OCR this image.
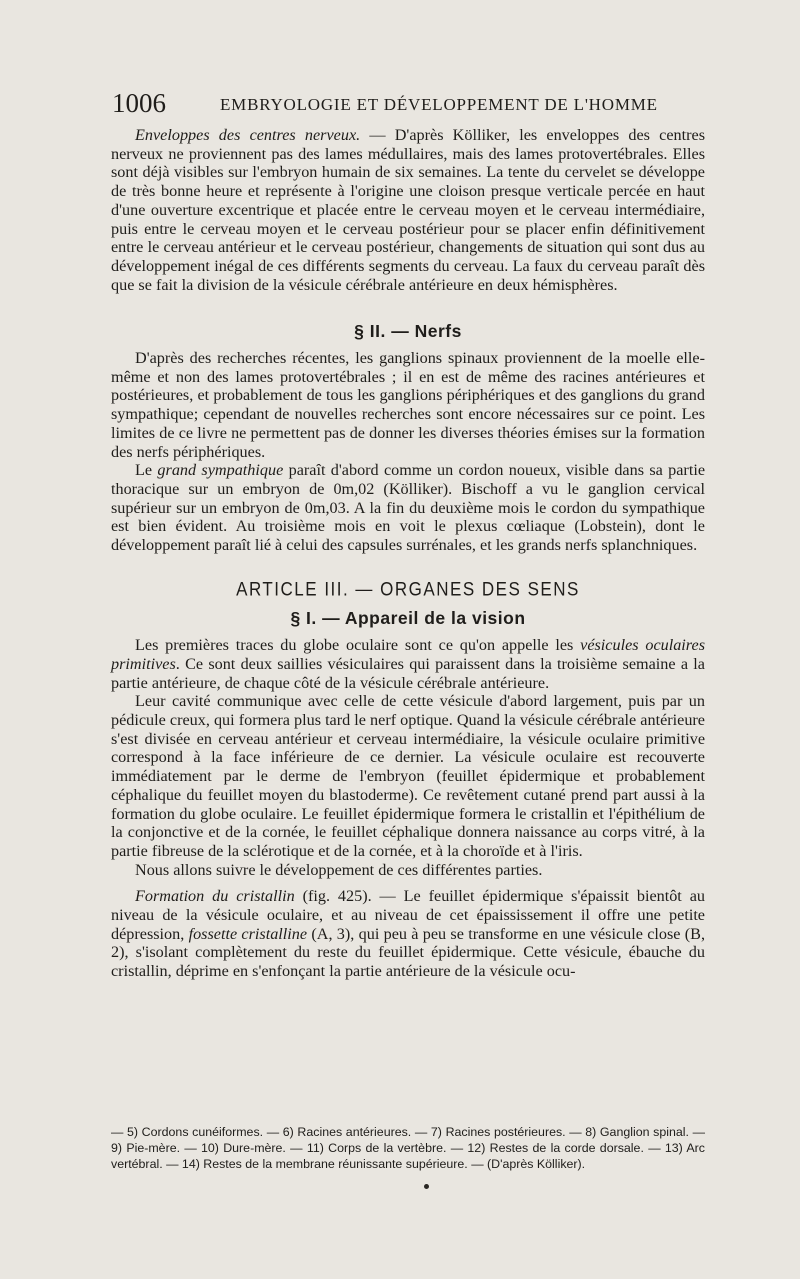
1006	EMBRYOLOGIE ET DÉVELOPPEMENT DE L'HOMME

Enveloppes des centres nerveux. — D'après Kölliker, les enveloppes des centres nerveux ne proviennent pas des lames médullaires, mais des lames protovertébrales. Elles sont déjà visibles sur l'embryon humain de six semaines. La tente du cervelet se développe de très bonne heure et représente à l'origine une cloison presque verticale percée en haut d'une ouverture excentrique et placée entre le cerveau moyen et le cerveau intermédiaire, puis entre le cerveau moyen et le cerveau postérieur pour se placer enfin définitivement entre le cerveau antérieur et le cerveau postérieur, changements de situation qui sont dus au développement inégal de ces différents segments du cerveau. La faux du cerveau paraît dès que se fait la division de la vésicule cérébrale antérieure en deux hémisphères.

§ II. — Nerfs

D'après des recherches récentes, les ganglions spinaux proviennent de la moelle elle-même et non des lames protovertébrales ; il en est de même des racines antérieures et postérieures, et probablement de tous les ganglions périphériques et des ganglions du grand sympathique; cependant de nouvelles recherches sont encore nécessaires sur ce point. Les limites de ce livre ne permettent pas de donner les diverses théories émises sur la formation des nerfs périphériques.

Le grand sympathique paraît d'abord comme un cordon noueux, visible dans sa partie thoracique sur un embryon de 0m,02 (Kölliker). Bischoff a vu le ganglion cervical supérieur sur un embryon de 0m,03. A la fin du deuxième mois le cordon du sympathique est bien évident. Au troisième mois en voit le plexus cœliaque (Lobstein), dont le développement paraît lié à celui des capsules surrénales, et les grands nerfs splanchniques.

ARTICLE III. — ORGANES DES SENS
§ I. — Appareil de la vision

Les premières traces du globe oculaire sont ce qu'on appelle les vésicules oculaires primitives. Ce sont deux saillies vésiculaires qui paraissent dans la troisième semaine a la partie antérieure, de chaque côté de la vésicule cérébrale antérieure.

Leur cavité communique avec celle de cette vésicule d'abord largement, puis par un pédicule creux, qui formera plus tard le nerf optique. Quand la vésicule cérébrale antérieure s'est divisée en cerveau antérieur et cerveau intermédiaire, la vésicule oculaire primitive correspond à la face inférieure de ce dernier. La vésicule oculaire est recouverte immédiatement par le derme de l'embryon (feuillet épidermique et probablement céphalique du feuillet moyen du blastoderme). Ce revêtement cutané prend part aussi à la formation du globe oculaire. Le feuillet épidermique formera le cristallin et l'épithélium de la conjonctive et de la cornée, le feuillet céphalique donnera naissance au corps vitré, à la partie fibreuse de la sclérotique et de la cornée, et à la choroïde et à l'iris.

Nous allons suivre le développement de ces différentes parties.

Formation du cristallin (fig. 425). — Le feuillet épidermique s'épaissit bientôt au niveau de la vésicule oculaire, et au niveau de cet épaississement il offre une petite dépression, fossette cristalline (A, 3), qui peu à peu se transforme en une vésicule close (B, 2), s'isolant complètement du reste du feuillet épidermique. Cette vésicule, ébauche du cristallin, déprime en s'enfonçant la partie antérieure de la vésicule ocu-

— 5) Cordons cunéiformes. — 6) Racines antérieures. — 7) Racines postérieures. — 8) Ganglion spinal. — 9) Pie-mère. — 10) Dure-mère. — 11) Corps de la vertèbre. — 12) Restes de la corde dorsale. — 13) Arc vertébral. — 14) Restes de la membrane réunissante supérieure. — (D'après Kölliker).
